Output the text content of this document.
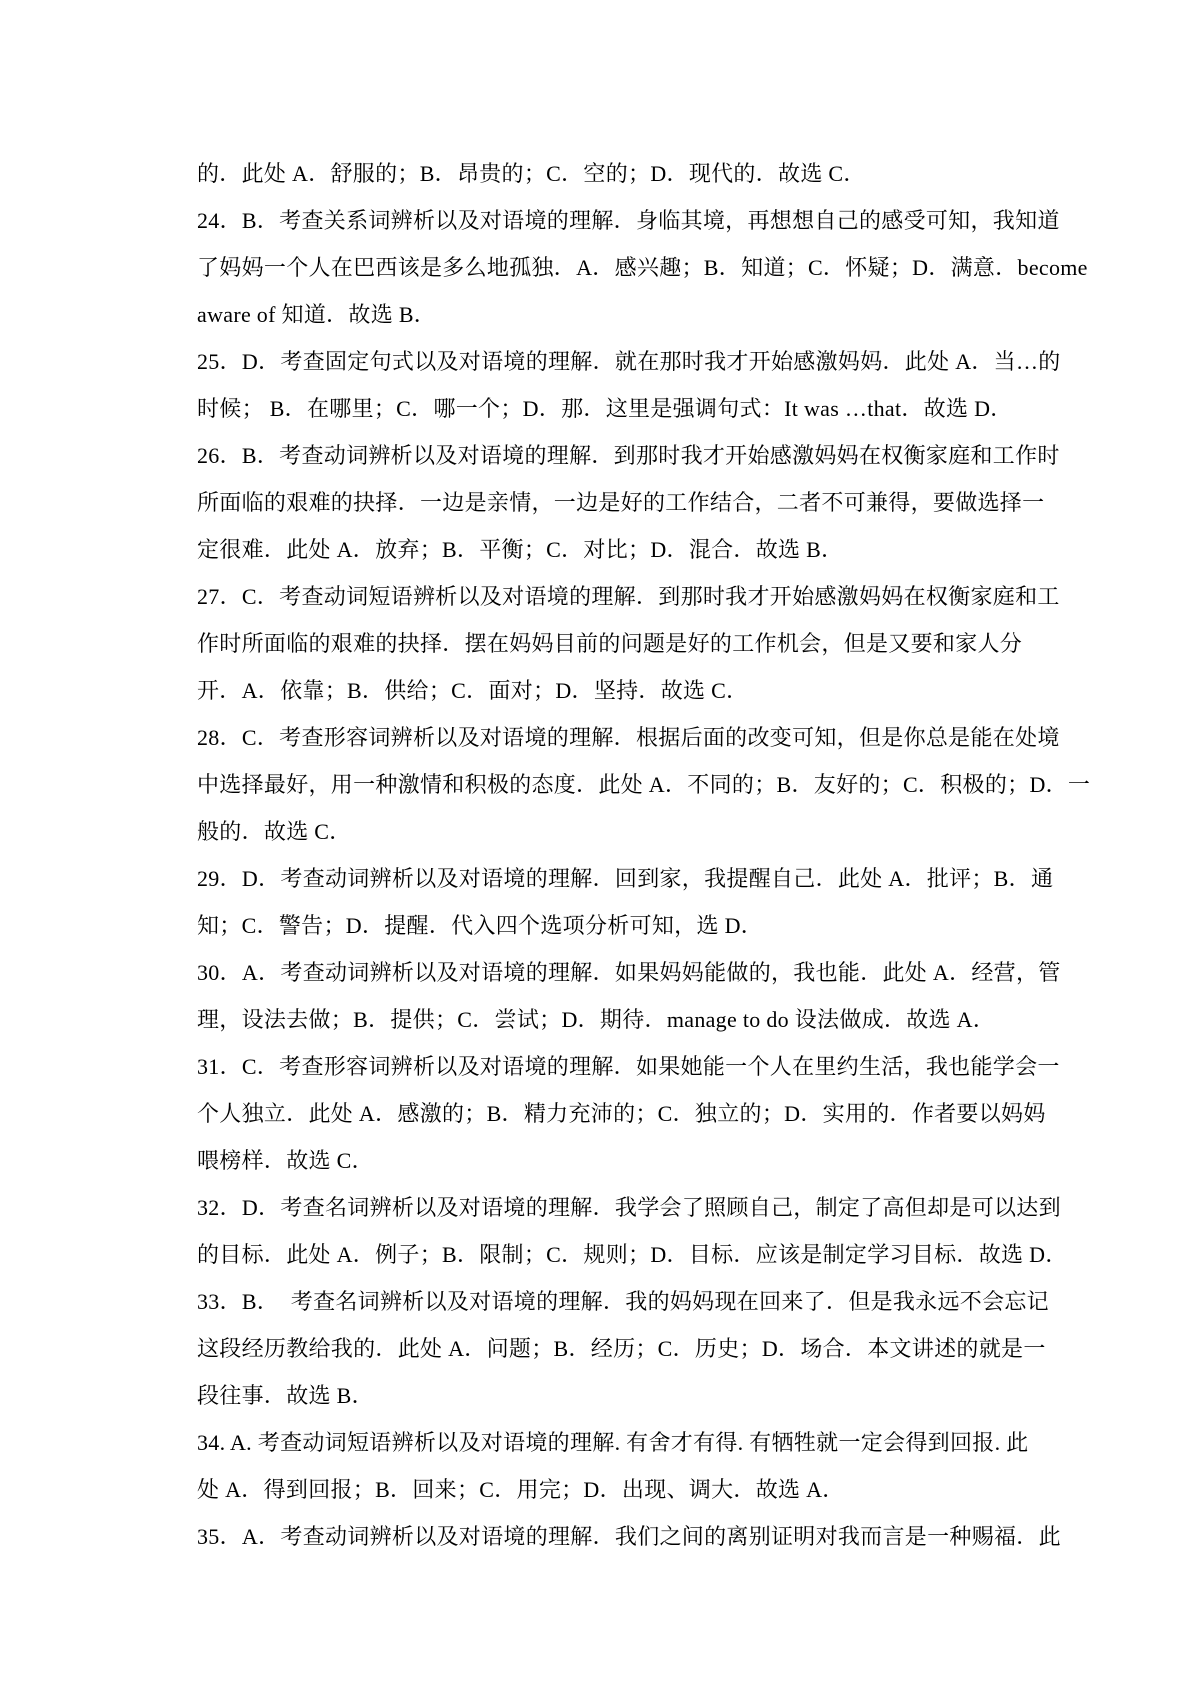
的．此处 A．舒服的；B．昂贵的；C．空的；D．现代的．故选 C．

24．B．考查关系词辨析以及对语境的理解．身临其境，再想想自己的感受可知，我知道
了妈妈一个人在巴西该是多么地孤独．A．感兴趣；B．知道；C．怀疑；D．满意．become
aware of 知道．故选 B．

25．D．考查固定句式以及对语境的理解．就在那时我才开始感激妈妈．此处 A．当…的
时候； B．在哪里；C．哪一个；D．那．这里是强调句式：It was …that．故选 D．

26．B．考查动词辨析以及对语境的理解．到那时我才开始感激妈妈在权衡家庭和工作时
所面临的艰难的抉择．一边是亲情，一边是好的工作结合，二者不可兼得，要做选择一
定很难．此处 A．放弃；B．平衡；C．对比；D．混合．故选 B．

27．C．考查动词短语辨析以及对语境的理解．到那时我才开始感激妈妈在权衡家庭和工
作时所面临的艰难的抉择．摆在妈妈目前的问题是好的工作机会，但是又要和家人分
开．A．依靠；B．供给；C．面对；D．坚持．故选 C．

28．C．考查形容词辨析以及对语境的理解．根据后面的改变可知，但是你总是能在处境
中选择最好，用一种激情和积极的态度．此处 A．不同的；B．友好的；C．积极的；D．一
般的．故选 C．

29．D．考查动词辨析以及对语境的理解．回到家，我提醒自己．此处 A．批评；B．通
知；C．警告；D．提醒．代入四个选项分析可知，选 D．

30．A．考查动词辨析以及对语境的理解．如果妈妈能做的，我也能．此处 A．经营，管
理，设法去做；B．提供；C．尝试；D．期待．manage to do 设法做成．故选 A．

31．C．考查形容词辨析以及对语境的理解．如果她能一个人在里约生活，我也能学会一
个人独立．此处 A．感激的；B．精力充沛的；C．独立的；D．实用的．作者要以妈妈
喂榜样．故选 C．

32．D．考查名词辨析以及对语境的理解．我学会了照顾自己，制定了高但却是可以达到
的目标．此处 A．例子；B．限制；C．规则；D．目标．应该是制定学习目标．故选 D．

33．B．  考查名词辨析以及对语境的理解．我的妈妈现在回来了．但是我永远不会忘记
这段经历教给我的．此处 A．问题；B．经历；C．历史；D．场合．本文讲述的就是一
段往事．故选 B．

34. A. 考查动词短语辨析以及对语境的理解. 有舍才有得. 有牺牲就一定会得到回报. 此
处 A．得到回报；B．回来；C．用完；D．出现、调大．故选 A．

35．A．考查动词辨析以及对语境的理解．我们之间的离别证明对我而言是一种赐福．此
